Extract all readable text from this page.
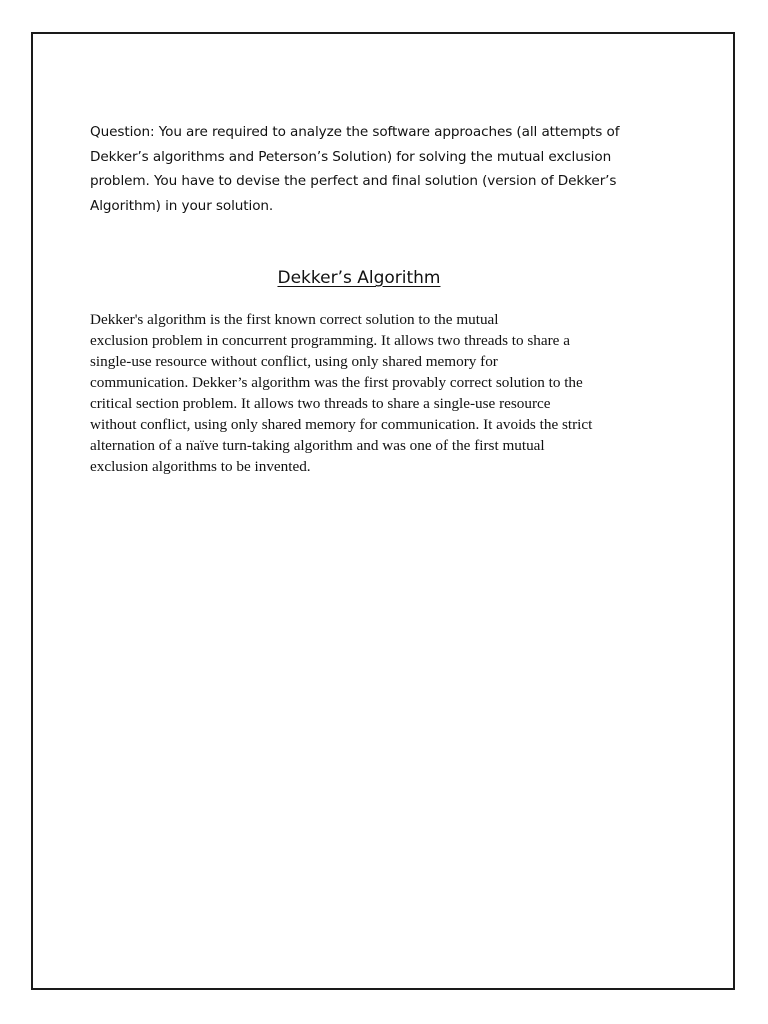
Question: You are required to analyze the software approaches (all attempts of
Dekker’s algorithms and Peterson’s Solution) for solving the mutual exclusion
problem. You have to devise the perfect and final solution (version of Dekker’s
Algorithm) in your solution.
Dekker’s Algorithm
Dekker's algorithm is the first known correct solution to the mutual
exclusion problem in concurrent programming. It allows two threads to share a
single-use resource without conflict, using only shared memory for
communication. Dekker’s algorithm was the first provably correct solution to the
critical section problem. It allows two threads to share a single-use resource
without conflict, using only shared memory for communication. It avoids the strict
alternation of a naïve turn-taking algorithm and was one of the first mutual
exclusion algorithms to be invented.
